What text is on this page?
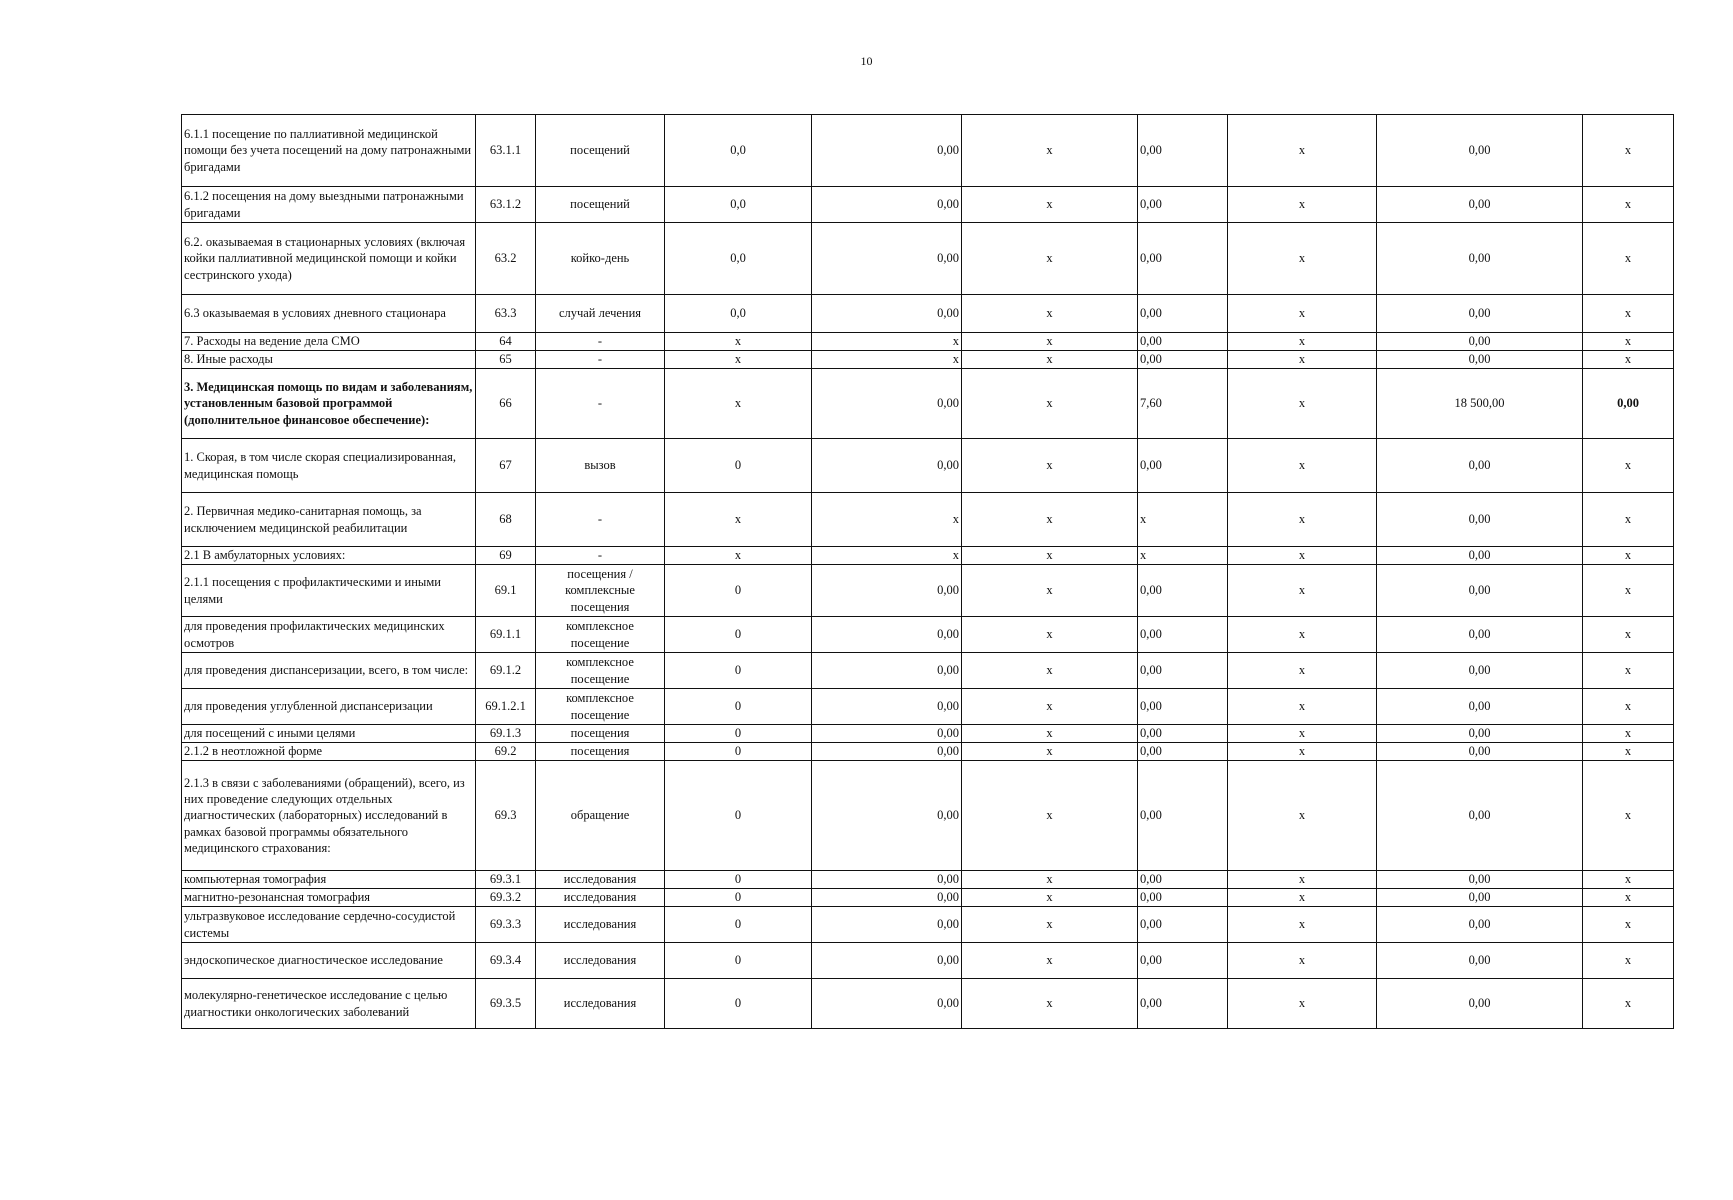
10
6.1.1 посещение по паллиативной медицинской помощи без учета посещений на дому патронажными бригадами	63.1.1	посещений	0,0	0,00	x	0,00	x	0,00	x
6.1.2 посещения на дому выездными патронажными бригадами	63.1.2	посещений	0,0	0,00	x	0,00	x	0,00	x
6.2. оказываемая в стационарных условиях (включая койки паллиативной медицинской помощи и койки сестринского ухода)	63.2	койко-день	0,0	0,00	x	0,00	x	0,00	x
6.3 оказываемая в условиях дневного стационара	63.3	случай лечения	0,0	0,00	x	0,00	x	0,00	x
7. Расходы на ведение дела СМО	64	-	x	x	x	0,00	x	0,00	x
8. Иные расходы	65	-	x	x	x	0,00	x	0,00	x
3. Медицинская помощь по видам и заболеваниям, установленным базовой программой (дополнительное финансовое обеспечение):	66	-	x	0,00	x	7,60	x	18 500,00	0,00
1. Скорая, в том числе скорая специализированная, медицинская помощь	67	вызов	0	0,00	x	0,00	x	0,00	x
2. Первичная медико-санитарная помощь, за исключением медицинской реабилитации	68	-	x	x	x	x	x	0,00	x
2.1 В амбулаторных условиях:	69	-	x	x	x	x	x	0,00	x
2.1.1 посещения с профилактическими и иными целями	69.1	посещения / комплексные посещения	0	0,00	x	0,00	x	0,00	x
для проведения профилактических медицинских осмотров	69.1.1	комплексное посещение	0	0,00	x	0,00	x	0,00	x
для проведения диспансеризации, всего, в том числе:	69.1.2	комплексное посещение	0	0,00	x	0,00	x	0,00	x
для проведения углубленной диспансеризации	69.1.2.1	комплексное посещение	0	0,00	x	0,00	x	0,00	x
для посещений с иными целями	69.1.3	посещения	0	0,00	x	0,00	x	0,00	x
2.1.2 в неотложной форме	69.2	посещения	0	0,00	x	0,00	x	0,00	x
2.1.3 в связи с заболеваниями (обращений), всего, из них проведение следующих отдельных диагностических (лабораторных) исследований в рамках базовой программы обязательного медицинского страхования:	69.3	обращение	0	0,00	x	0,00	x	0,00	x
компьютерная томография	69.3.1	исследования	0	0,00	x	0,00	x	0,00	x
магнитно-резонансная томография	69.3.2	исследования	0	0,00	x	0,00	x	0,00	x
ультразвуковое исследование сердечно-сосудистой системы	69.3.3	исследования	0	0,00	x	0,00	x	0,00	x
эндоскопическое диагностическое исследование	69.3.4	исследования	0	0,00	x	0,00	x	0,00	x
молекулярно-генетическое исследование с целью диагностики онкологических заболеваний	69.3.5	исследования	0	0,00	x	0,00	x	0,00	x
